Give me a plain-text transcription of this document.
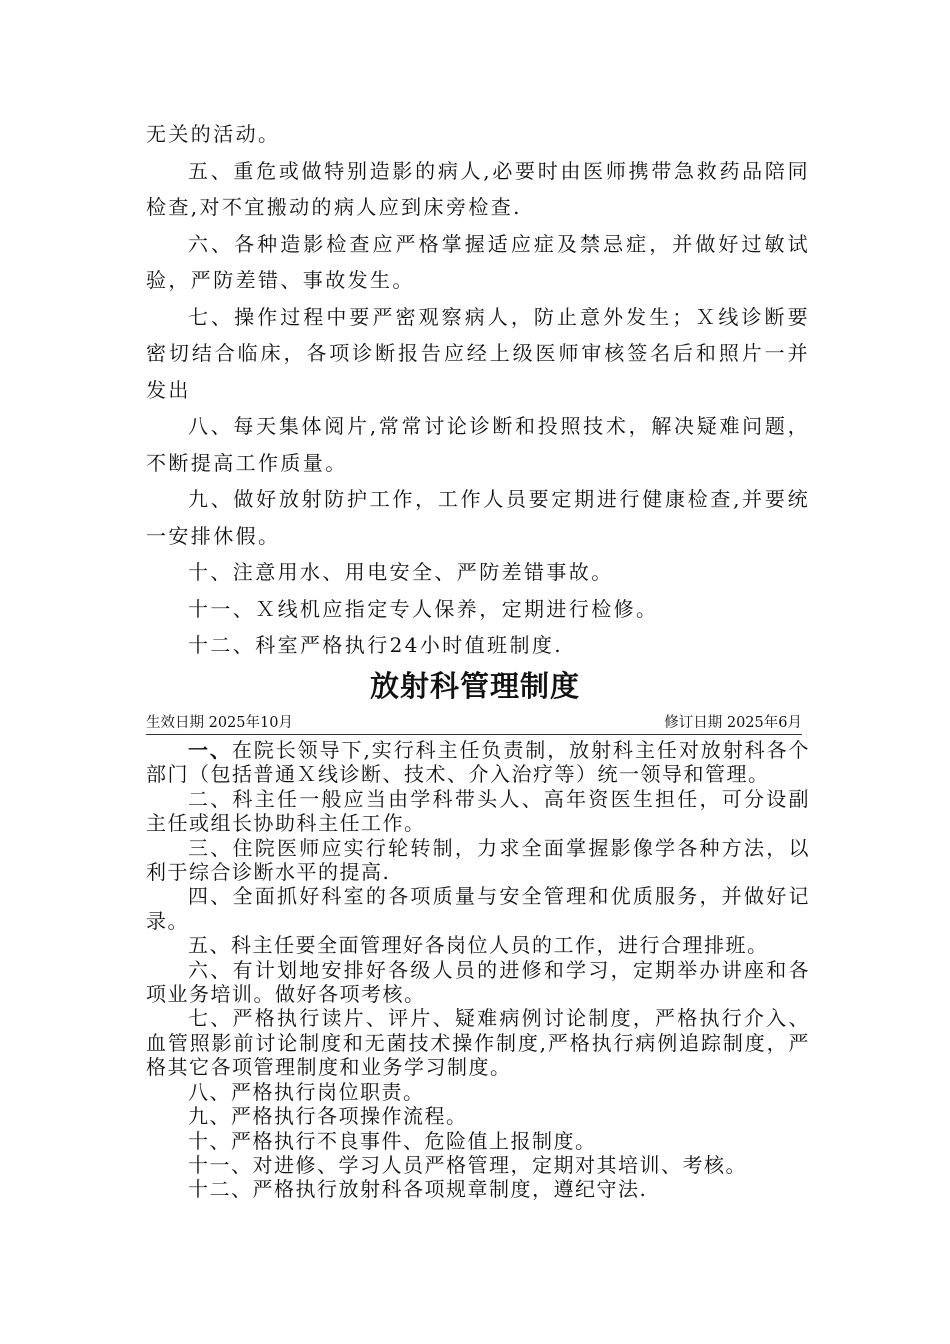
无关的活动。

五、重危或做特别造影的病人,必要时由医师携带急救药品陪同检查,对不宜搬动的病人应到床旁检查.

六、各种造影检查应严格掌握适应症及禁忌症，并做好过敏试验，严防差错、事故发生。

七、操作过程中要严密观察病人，防止意外发生；Ｘ线诊断要密切结合临床，各项诊断报告应经上级医师审核签名后和照片一并发出

八、每天集体阅片,常常讨论诊断和投照技术，解决疑难问题，不断提高工作质量。

九、做好放射防护工作，工作人员要定期进行健康检查,并要统一安排休假。

十、注意用水、用电安全、严防差错事故。

十一、Ｘ线机应指定专人保养，定期进行检修。

十二、科室严格执行24小时值班制度.

放射科管理制度
生效日期 2025年10月	修订日期 2025年6月

一、在院长领导下,实行科主任负责制，放射科主任对放射科各个部门（包括普通Ｘ线诊断、技术、介入治疗等）统一领导和管理。

二、科主任一般应当由学科带头人、高年资医生担任，可分设副主任或组长协助科主任工作。

三、住院医师应实行轮转制，力求全面掌握影像学各种方法，以利于综合诊断水平的提高.

四、全面抓好科室的各项质量与安全管理和优质服务，并做好记录。

五、科主任要全面管理好各岗位人员的工作，进行合理排班。

六、有计划地安排好各级人员的进修和学习，定期举办讲座和各项业务培训。做好各项考核。

七、严格执行读片、评片、疑难病例讨论制度，严格执行介入、血管照影前讨论制度和无菌技术操作制度,严格执行病例追踪制度，严格其它各项管理制度和业务学习制度。

八、严格执行岗位职责。

九、严格执行各项操作流程。

十、严格执行不良事件、危险值上报制度。

十一、对进修、学习人员严格管理，定期对其培训、考核。

十二、严格执行放射科各项规章制度，遵纪守法.
